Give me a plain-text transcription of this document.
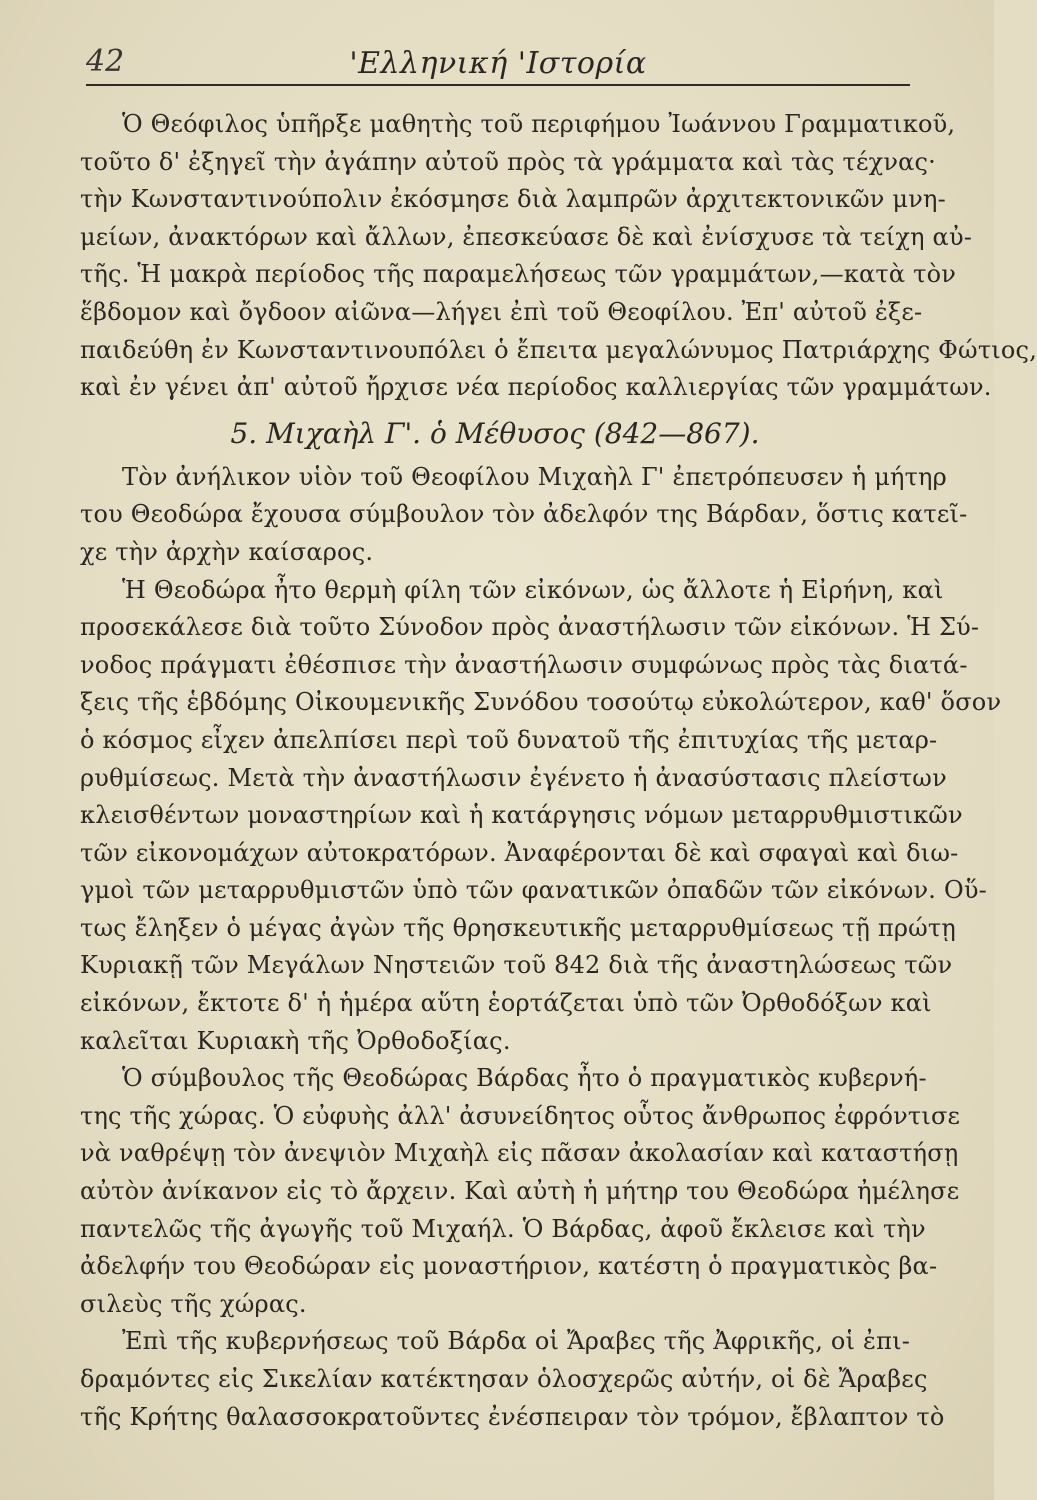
42	'Ελληνική 'Ιστορία
Ὁ Θεόφιλος ὑπῆρξε μαθητὴς τοῦ περιφήμου Ἰωάννου Γραμματικοῦ,
τοῦτο δ' ἐξηγεῖ τὴν ἀγάπην αὐτοῦ πρὸς τὰ γράμματα καὶ τὰς τέχνας·
τὴν Κωνσταντινούπολιν ἐκόσμησε διὰ λαμπρῶν ἀρχιτεκτονικῶν μνη-
μείων, ἀνακτόρων καὶ ἄλλων, ἐπεσκεύασε δὲ καὶ ἐνίσχυσε τὰ τείχη αὐ-
τῆς. Ἡ μακρὰ περίοδος τῆς παραμελήσεως τῶν γραμμάτων,—κατὰ τὸν
ἕβδομον καὶ ὄγδοον αἰῶνα—λήγει ἐπὶ τοῦ Θεοφίλου. Ἐπ' αὐτοῦ ἐξε-
παιδεύθη ἐν Κωνσταντινουπόλει ὁ ἔπειτα μεγαλώνυμος Πατριάρχης Φώτιος,
καὶ ἐν γένει ἀπ' αὐτοῦ ἤρχισε νέα περίοδος καλλιεργίας τῶν γραμμάτων.
5. Μιχαὴλ Γ'. ὁ Μέθυσος (842—867).
Τὸν ἀνήλικον υἱὸν τοῦ Θεοφίλου Μιχαὴλ Γ' ἐπετρόπευσεν ἡ μήτηρ
του Θεοδώρα ἔχουσα σύμβουλον τὸν ἀδελφόν της Βάρδαν, ὅστις κατεῖ-
χε τὴν ἀρχὴν καίσαρος.
Ἡ Θεοδώρα ἦτο θερμὴ φίλη τῶν εἰκόνων, ὡς ἄλλοτε ἡ Εἰρήνη, καὶ
προσεκάλεσε διὰ τοῦτο Σύνοδον πρὸς ἀναστήλωσιν τῶν εἰκόνων. Ἡ Σύ-
νοδος πράγματι ἐθέσπισε τὴν ἀναστήλωσιν συμφώνως πρὸς τὰς διατά-
ξεις τῆς ἑβδόμης Οἰκουμενικῆς Συνόδου τοσούτῳ εὐκολώτερον, καθ' ὅσον
ὁ κόσμος εἶχεν ἀπελπίσει περὶ τοῦ δυνατοῦ τῆς ἐπιτυχίας τῆς μεταρ-
ρυθμίσεως. Μετὰ τὴν ἀναστήλωσιν ἐγένετο ἡ ἀνασύστασις πλείστων
κλεισθέντων μοναστηρίων καὶ ἡ κατάργησις νόμων μεταρρυθμιστικῶν
τῶν εἰκονομάχων αὐτοκρατόρων. Ἀναφέρονται δὲ καὶ σφαγαὶ καὶ διω-
γμοὶ τῶν μεταρρυθμιστῶν ὑπὸ τῶν φανατικῶν ὀπαδῶν τῶν εἰκόνων. Οὕ-
τως ἔληξεν ὁ μέγας ἀγὼν τῆς θρησκευτικῆς μεταρρυθμίσεως τῇ πρώτῃ
Κυριακῇ τῶν Μεγάλων Νηστειῶν τοῦ 842 διὰ τῆς ἀναστηλώσεως τῶν
εἰκόνων, ἔκτοτε δ' ἡ ἡμέρα αὕτη ἑορτάζεται ὑπὸ τῶν Ὀρθοδόξων καὶ
καλεῖται Κυριακὴ τῆς Ὀρθοδοξίας.
Ὁ σύμβουλος τῆς Θεοδώρας Βάρδας ἦτο ὁ πραγματικὸς κυβερνή-
της τῆς χώρας. Ὁ εὐφυὴς ἀλλ' ἀσυνείδητος οὗτος ἄνθρωπος ἐφρόντισε
νὰ ναθρέψῃ τὸν ἀνεψιὸν Μιχαὴλ εἰς πᾶσαν ἀκολασίαν καὶ καταστήσῃ
αὐτὸν ἀνίκανον εἰς τὸ ἄρχειν. Καὶ αὐτὴ ἡ μήτηρ του Θεοδώρα ἠμέλησε
παντελῶς τῆς ἀγωγῆς τοῦ Μιχαήλ. Ὁ Βάρδας, ἀφοῦ ἔκλεισε καὶ τὴν
ἀδελφήν του Θεοδώραν εἰς μοναστήριον, κατέστη ὁ πραγματικὸς βα-
σιλεὺς τῆς χώρας.
Ἐπὶ τῆς κυβερνήσεως τοῦ Βάρδα οἱ Ἄραβες τῆς Ἀφρικῆς, οἱ ἐπι-
δραμόντες εἰς Σικελίαν κατέκτησαν ὁλοσχερῶς αὐτήν, οἱ δὲ Ἄραβες
τῆς Κρήτης θαλασσοκρατοῦντες ἐνέσπειραν τὸν τρόμον, ἔβλαπτον τὸ
